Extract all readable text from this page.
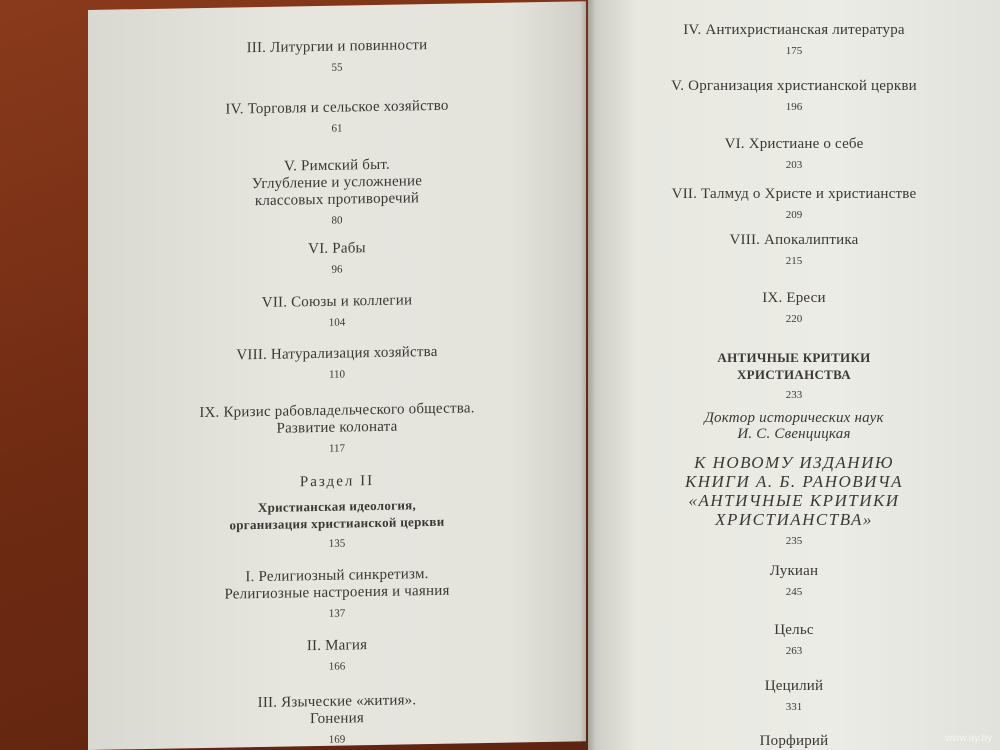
III. Литургии и повинности
55
IV. Торговля и сельское хозяйство
61
V. Римский быт.
Углубление и усложнение
классовых противоречий
80
VI. Рабы
96
VII. Союзы и коллегии
104
VIII. Натурализация хозяйства
110
IX. Кризис рабовладельческого общества.
Развитие колоната
117
Раздел II
Христианская идеология,
организация христианской церкви
135
I. Религиозный синкретизм.
Религиозные настроения и чаяния
137
II. Магия
166
III. Языческие «жития».
Гонения
169
IV. Антихристианская литература
175
V. Организация христианской церкви
196
VI. Христиане о себе
203
VII. Талмуд о Христе и христианстве
209
VIII. Апокалиптика
215
IX. Ереси
220
АНТИЧНЫЕ КРИТИКИ
ХРИСТИАНСТВА
233
Доктор исторических наук
И. С. Свенцицкая
К НОВОМУ ИЗДАНИЮ
КНИГИ А. Б. РАНОВИЧА
«АНТИЧНЫЕ КРИТИКИ
ХРИСТИАНСТВА»
235
Лукиан
245
Цельс
263
Цецилий
331
Порфирий	www.ay.by
